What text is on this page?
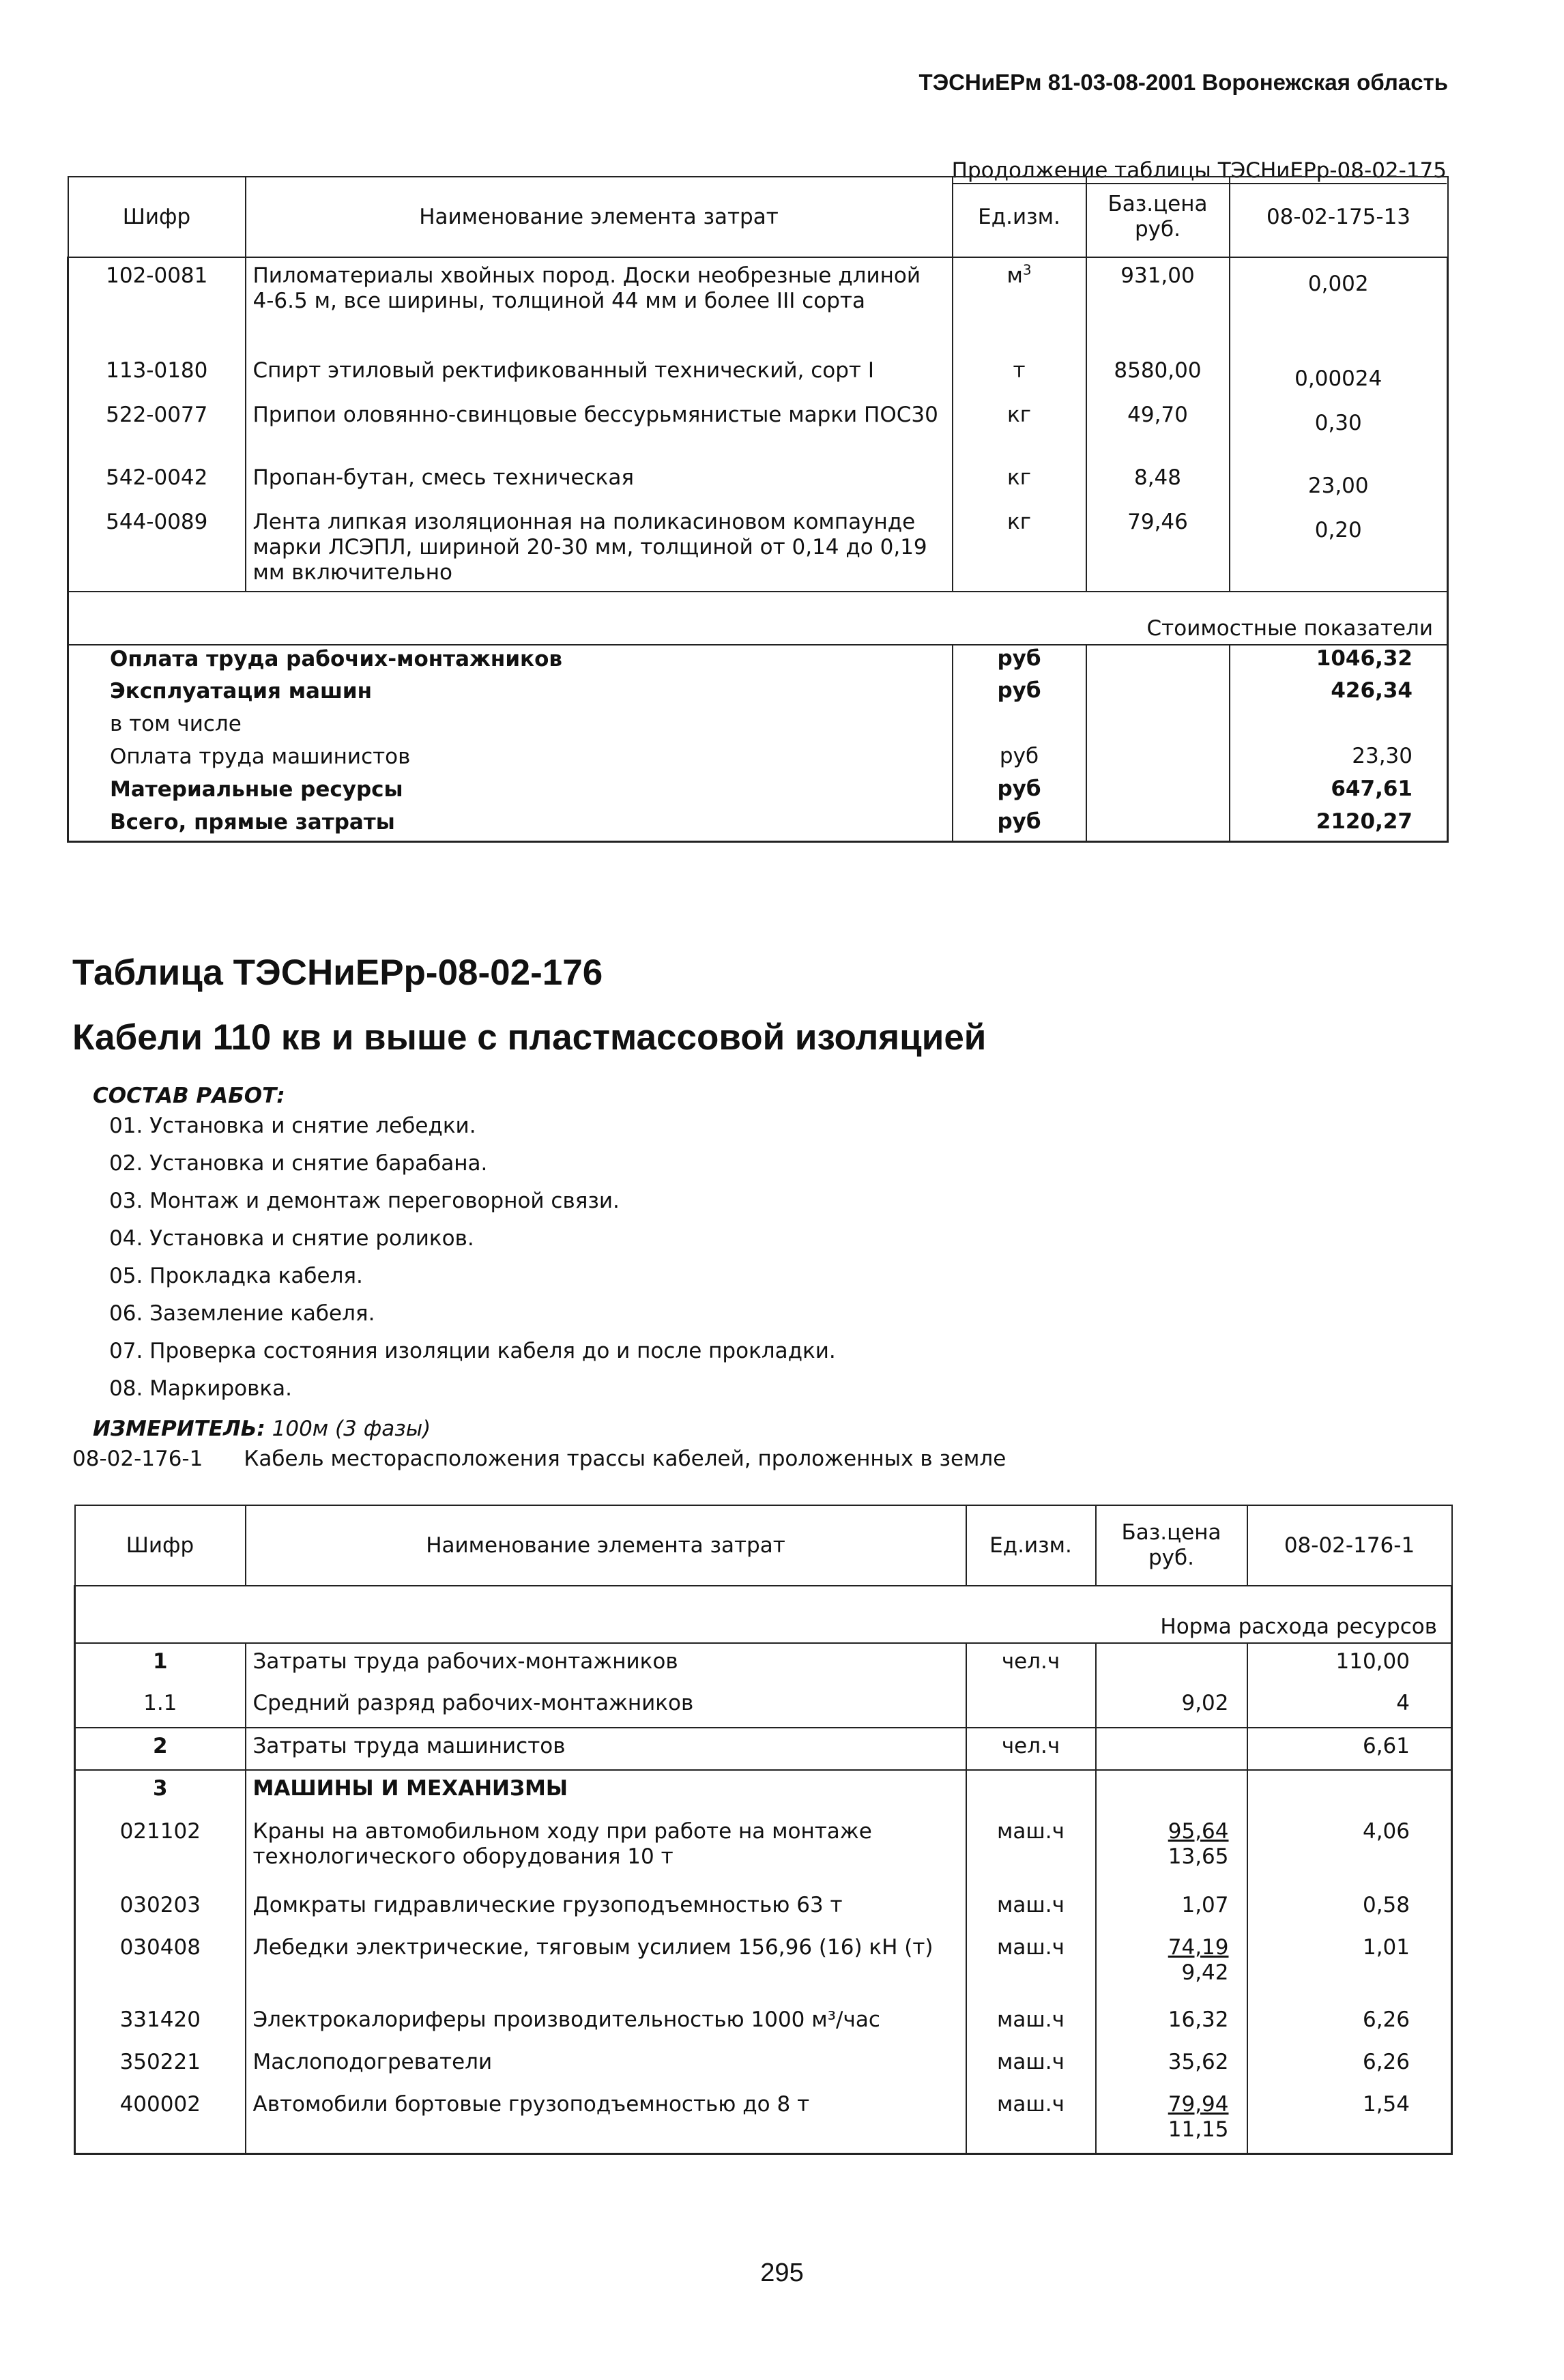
ТЭСНиЕРм 81-03-08-2001 Воронежская область
Продолжение таблицы ТЭСНиЕРр-08-02-175
Шифр	Наименование элемента затрат	Ед.изм.	Баз.цена руб.	08-02-175-13
102-0081	Пиломатериалы хвойных пород. Доски необрезные длиной 4-6.5 м, все ширины, толщиной 44 мм и более III сорта	$м^3$	931,00	0,002
113-0180	Спирт этиловый ректификованный технический, сорт I	т	8580,00	0,00024
522-0077	Припои оловянно-свинцовые бессурьмянистые марки ПОС30	кг	49,70	0,30
542-0042	Пропан-бутан, смесь техническая	кг	8,48	23,00
544-0089	Лента липкая изоляционная на поликасиновом компаунде марки ЛСЭПЛ, шириной 20-30 мм, толщиной от 0,14 до 0,19 мм включительно	кг	79,46	0,20
Стоимостные показатели				
Оплата труда рабочих-монтажников		руб		1046,32
Эксплуатация машин		руб		426,34
в том числе				
Оплата труда машинистов		руб		23,30
Материальные ресурсы		руб		647,61
Всего, прямые затраты		руб		2120,27
Таблица ТЭСНиЕРр-08-02-176
Кабели 110 кв и выше с пластмассовой изоляцией
СОСТАВ РАБОТ:
01. Установка и снятие лебедки.
02. Установка и снятие барабана.
03. Монтаж и демонтаж переговорной связи.
04. Установка и снятие роликов.
05. Прокладка кабеля.
06. Заземление кабеля.
07. Проверка состояния изоляции кабеля до и после прокладки.
08. Маркировка.
ИЗМЕРИТЕЛЬ: 100м (3 фазы)
08-02-176-1 Кабель месторасположения трассы кабелей, проложенных в земле
Шифр	Наименование элемента затрат	Ед.изм.	Баз.цена руб.	08-02-176-1
Норма расхода ресурсов				
1	Затраты труда рабочих-монтажников	чел.ч		110,00
1.1	Средний разряд рабочих-монтажников		9,02	4
2	Затраты труда машинистов	чел.ч		6,61
3	МАШИНЫ И МЕХАНИЗМЫ			
021102	Краны на автомобильном ходу при работе на монтаже технологического оборудования 10 т	маш.ч	$\frac{95,64}{13,65}$	4,06
030203	Домкраты гидравлические грузоподъемностью 63 т	маш.ч	1,07	0,58
030408	Лебедки электрические, тяговым усилием 156,96 (16) кН (т)	маш.ч	$\frac{74,19}{9,42}$	1,01
331420	Электрокалориферы производительностью 1000 м³/час	маш.ч	16,32	6,26
350221	Маслоподогреватели	маш.ч	35,62	6,26
400002	Автомобили бортовые грузоподъемностью до 8 т	маш.ч	$\frac{79,94}{11,15}$	1,54
295
